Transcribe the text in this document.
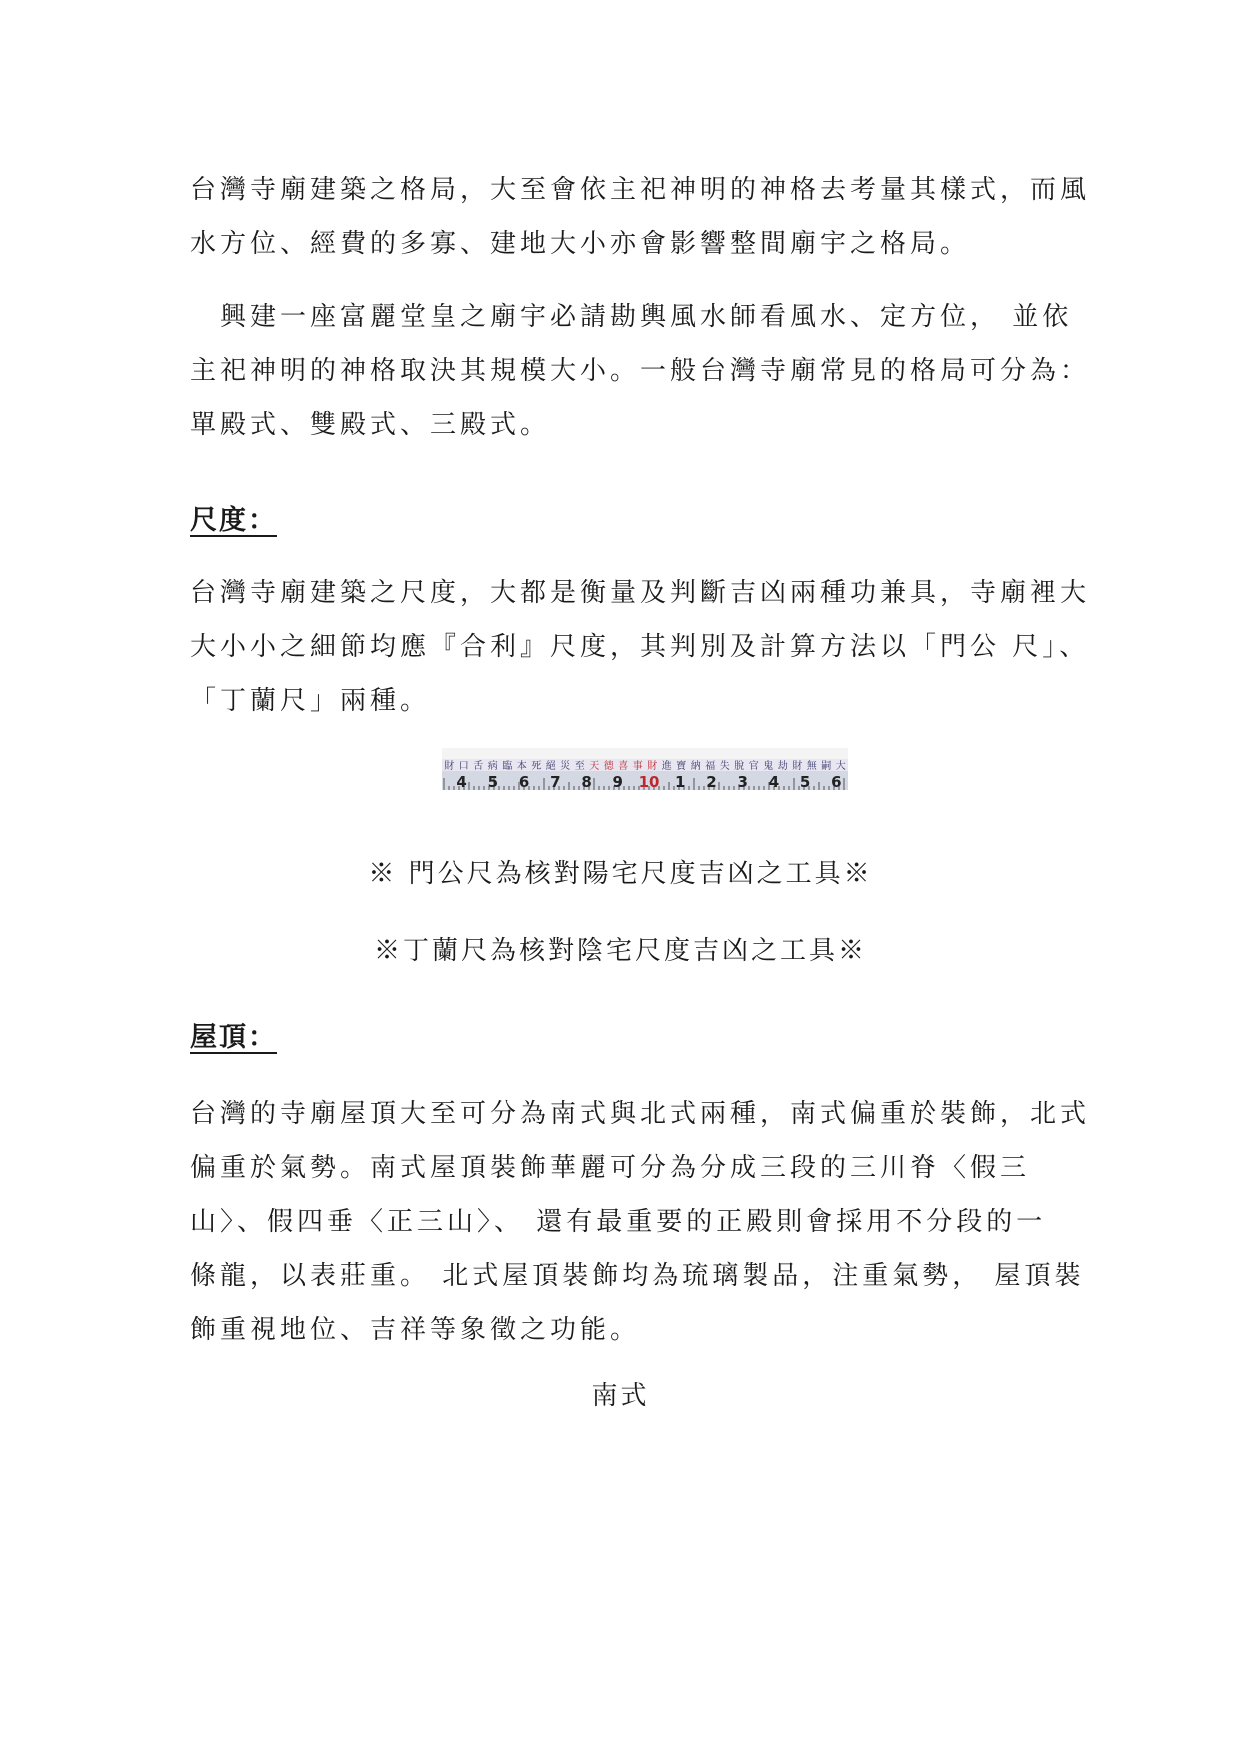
台灣寺廟建築之格局，大至會依主祀神明的神格去考量其樣式，而風
水方位、經費的多寡、建地大小亦會影響整間廟宇之格局。
　興建一座富麗堂皇之廟宇必請勘輿風水師看風水、定方位， 並依
主祀神明的神格取決其規模大小。一般台灣寺廟常見的格局可分為：
單殿式、雙殿式、三殿式。
尺度：
台灣寺廟建築之尺度，大都是衡量及判斷吉凶兩種功兼具，寺廟裡大
大小小之細節均應『合利』尺度，其判別及計算方法以「門公 尺」、
「丁蘭尺」兩種。
財 口 舌 病 臨 本 死 絕 災 至 天 德 喜 事 財 進 寶 納 福 失 脫 官 鬼 劫 財 無 嗣 大
4 5 6 7 8 9 10 1 2 3 4 5 6

※ 門公尺為核對陽宅尺度吉凶之工具※

※丁蘭尺為核對陰宅尺度吉凶之工具※

屋頂：
台灣的寺廟屋頂大至可分為南式與北式兩種，南式偏重於裝飾，北式
偏重於氣勢。南式屋頂裝飾華麗可分為分成三段的三川脊〈假三
山〉、假四垂〈正三山〉、 還有最重要的正殿則會採用不分段的一
條龍，以表莊重。 北式屋頂裝飾均為琉璃製品，注重氣勢， 屋頂裝
飾重視地位、吉祥等象徵之功能。

南式
